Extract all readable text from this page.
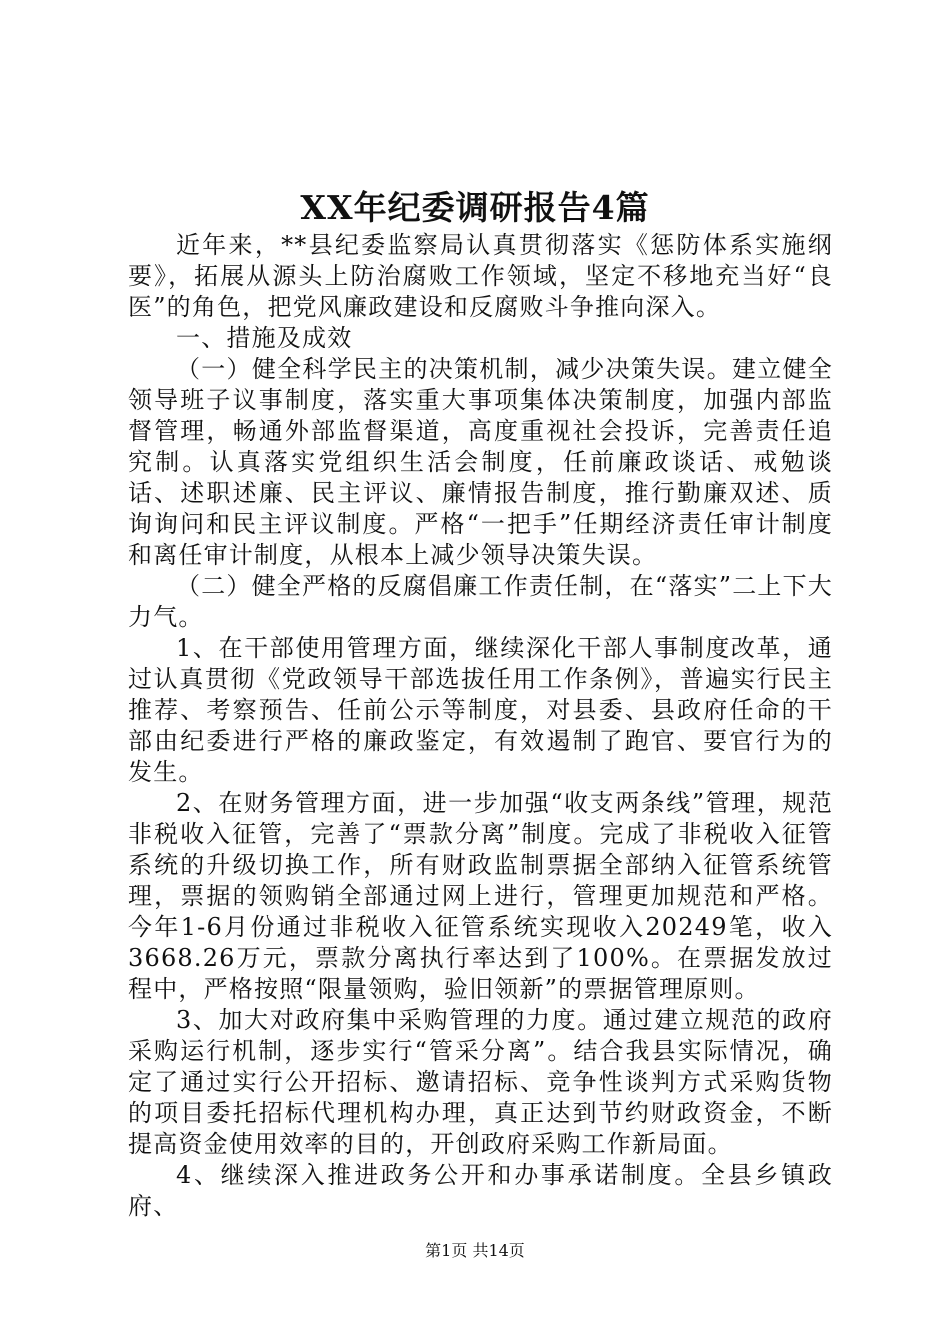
XX年纪委调研报告4篇

近年来，**县纪委监察局认真贯彻落实《惩防体系实施纲要》，拓展从源头上防治腐败工作领域，坚定不移地充当好“良医”的角色，把党风廉政建设和反腐败斗争推向深入。

一、措施及成效

（一）健全科学民主的决策机制，减少决策失误。建立健全领导班子议事制度，落实重大事项集体决策制度，加强内部监督管理，畅通外部监督渠道，高度重视社会投诉，完善责任追究制。认真落实党组织生活会制度，任前廉政谈话、戒勉谈话、述职述廉、民主评议、廉情报告制度，推行勤廉双述、质询询问和民主评议制度。严格“一把手”任期经济责任审计制度和离任审计制度，从根本上减少领导决策失误。

（二）健全严格的反腐倡廉工作责任制，在“落实”二上下大力气。

1、在干部使用管理方面，继续深化干部人事制度改革，通过认真贯彻《党政领导干部选拔任用工作条例》，普遍实行民主推荐、考察预告、任前公示等制度，对县委、县政府任命的干部由纪委进行严格的廉政鉴定，有效遏制了跑官、要官行为的发生。

2、在财务管理方面，进一步加强“收支两条线”管理，规范非税收入征管，完善了“票款分离”制度。完成了非税收入征管系统的升级切换工作，所有财政监制票据全部纳入征管系统管理，票据的领购销全部通过网上进行，管理更加规范和严格。今年1-6月份通过非税收入征管系统实现收入20249笔，收入3668.26万元，票款分离执行率达到了100%。在票据发放过程中，严格按照“限量领购，验旧领新”的票据管理原则。

3、加大对政府集中采购管理的力度。通过建立规范的政府采购运行机制，逐步实行“管采分离”。结合我县实际情况，确定了通过实行公开招标、邀请招标、竞争性谈判方式采购货物的项目委托招标代理机构办理，真正达到节约财政资金，不断提高资金使用效率的目的，开创政府采购工作新局面。

4、继续深入推进政务公开和办事承诺制度。全县乡镇政府、

第1页 共14页
